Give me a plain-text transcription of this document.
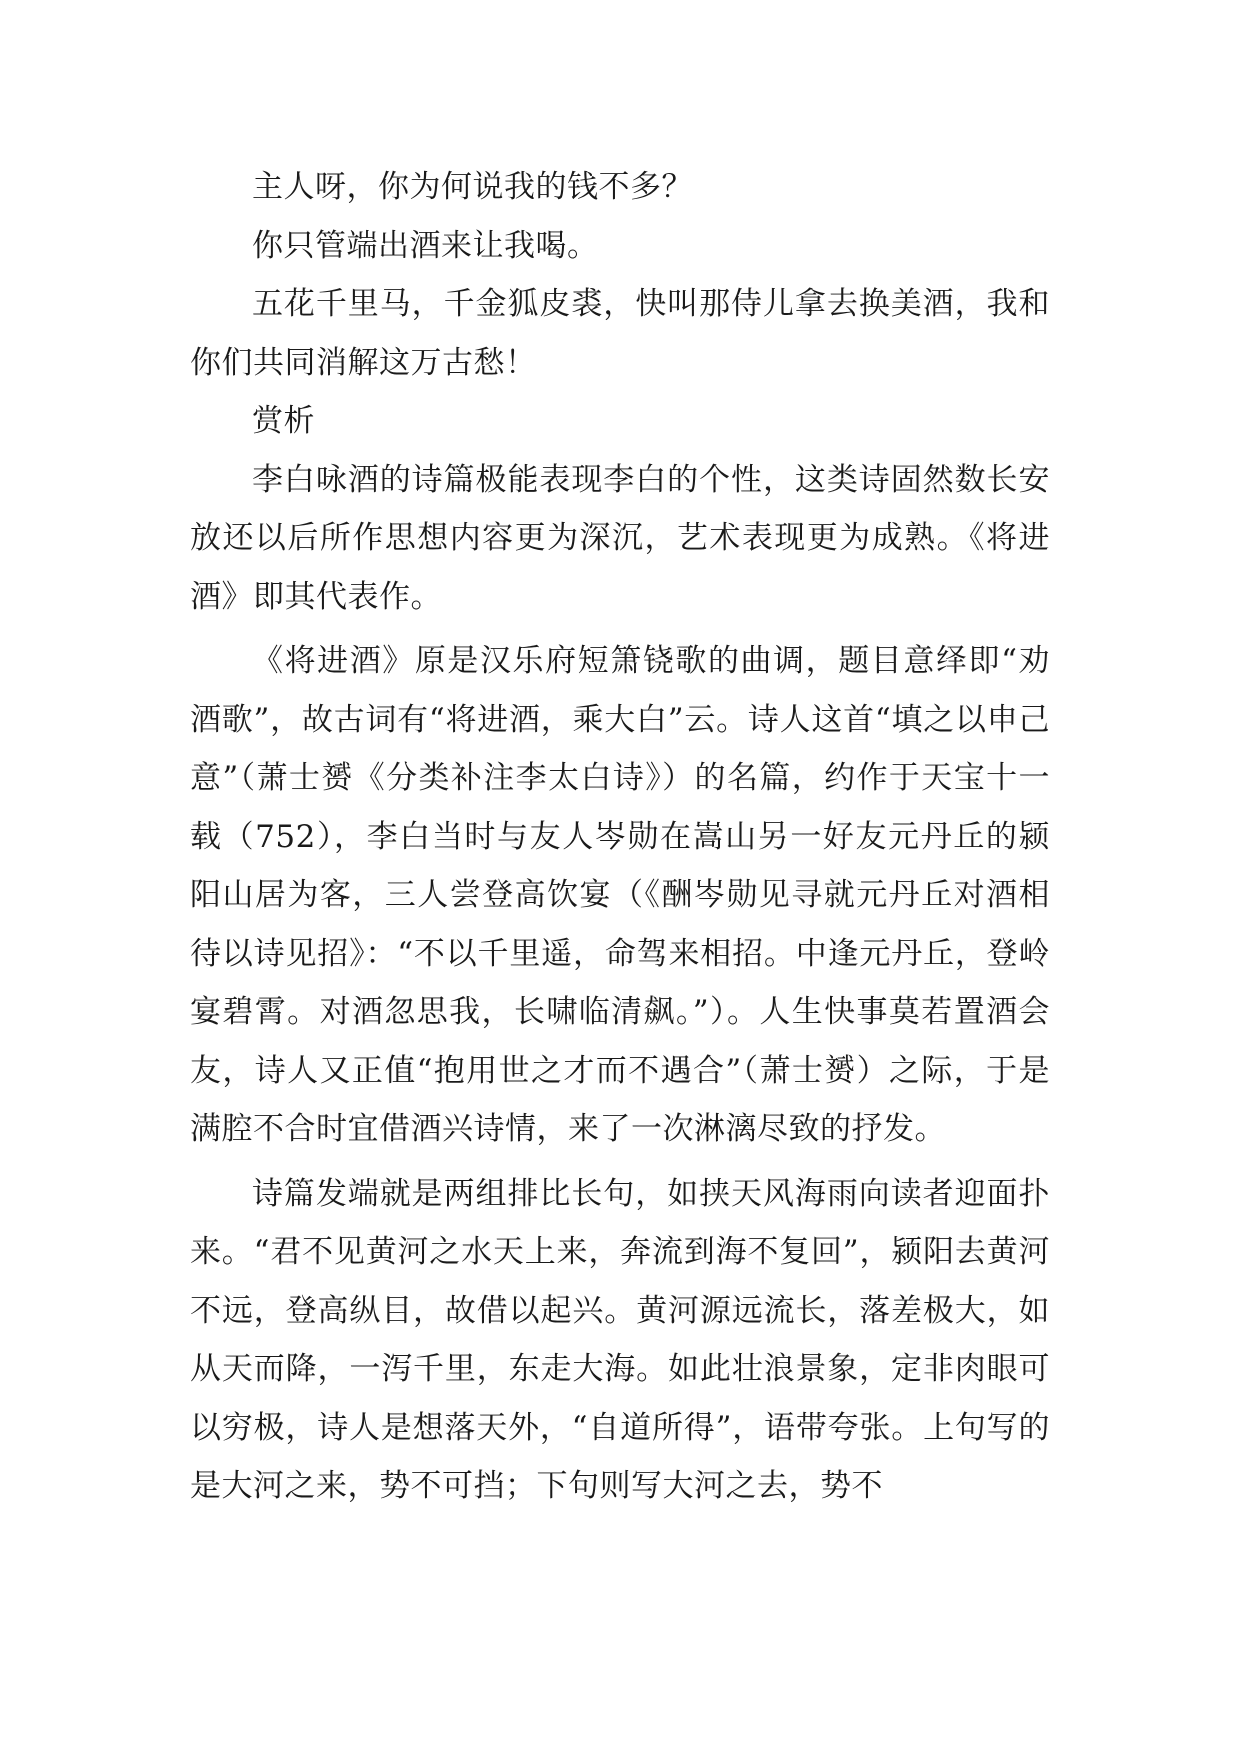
主人呀，你为何说我的钱不多？

你只管端出酒来让我喝。

五花千里马，千金狐皮裘，快叫那侍儿拿去换美酒，我和你们共同消解这万古愁！

赏析

李白咏酒的诗篇极能表现李白的个性，这类诗固然数长安放还以后所作思想内容更为深沉，艺术表现更为成熟。《将进酒》即其代表作。

《将进酒》原是汉乐府短箫铙歌的曲调，题目意绎即“劝酒歌”，故古词有“将进酒，乘大白”云。诗人这首“填之以申己意”（萧士赟《分类补注李太白诗》）的名篇，约作于天宝十一载（752），李白当时与友人岑勋在嵩山另一好友元丹丘的颍阳山居为客，三人尝登高饮宴（《酬岑勋见寻就元丹丘对酒相待以诗见招》：“不以千里遥，命驾来相招。中逢元丹丘，登岭宴碧霄。对酒忽思我，长啸临清飙。”）。人生快事莫若置酒会友，诗人又正值“抱用世之才而不遇合”（萧士赟）之际，于是满腔不合时宜借酒兴诗情，来了一次淋漓尽致的抒发。

诗篇发端就是两组排比长句，如挟天风海雨向读者迎面扑来。“君不见黄河之水天上来，奔流到海不复回”，颍阳去黄河不远，登高纵目，故借以起兴。黄河源远流长，落差极大，如从天而降，一泻千里，东走大海。如此壮浪景象，定非肉眼可以穷极，诗人是想落天外，“自道所得”，语带夸张。上句写的是大河之来，势不可挡；下句则写大河之去，势不
